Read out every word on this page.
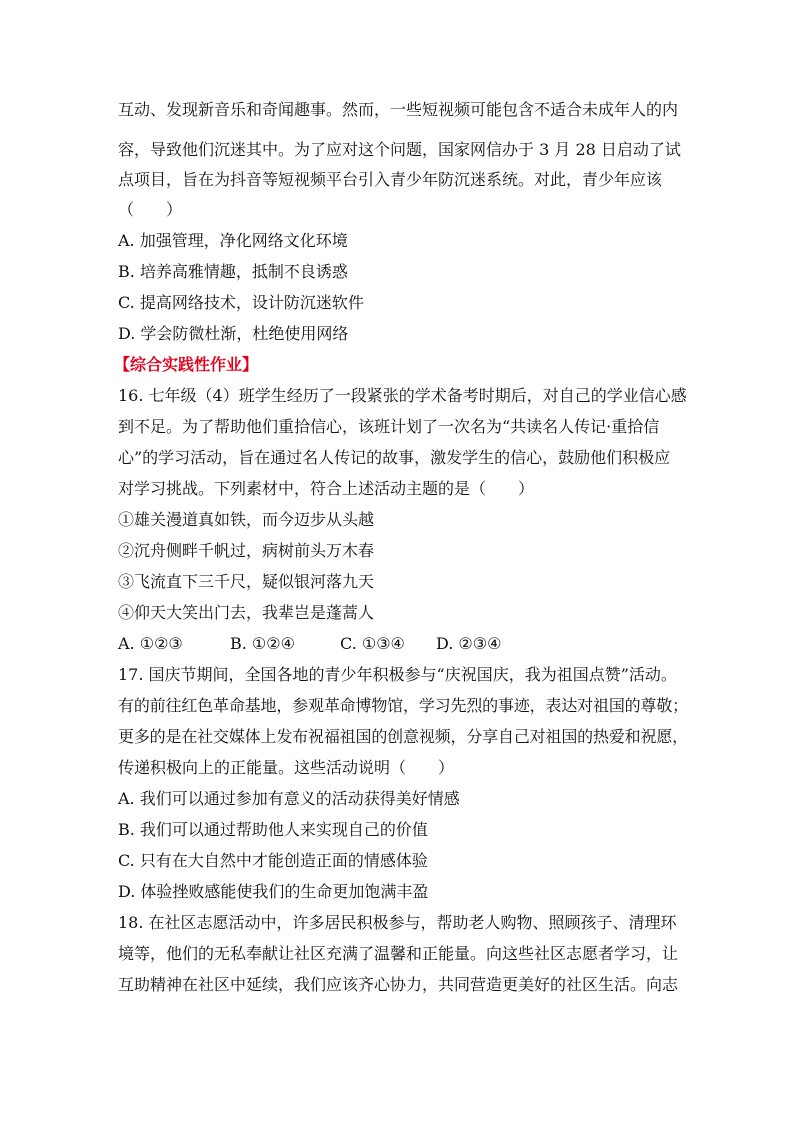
互动、发现新音乐和奇闻趣事。然而，一些短视频可能包含不适合未成年人的内
容，导致他们沉迷其中。为了应对这个问题，国家网信办于 3 月 28 日启动了试
点项目，旨在为抖音等短视频平台引入青少年防沉迷系统。对此，青少年应该
（　　）
A. 加强管理，净化网络文化环境
B. 培养高雅情趣，抵制不良诱惑
C. 提高网络技术，设计防沉迷软件
D. 学会防微杜渐，杜绝使用网络
【综合实践性作业】
16. 七年级（4）班学生经历了一段紧张的学术备考时期后，对自己的学业信心感
到不足。为了帮助他们重拾信心，该班计划了一次名为“共读名人传记·重拾信
心”的学习活动，旨在通过名人传记的故事，激发学生的信心，鼓励他们积极应
对学习挑战。下列素材中，符合上述活动主题的是（　　）
①雄关漫道真如铁，而今迈步从头越
②沉舟侧畔千帆过，病树前头万木春
③飞流直下三千尺，疑似银河落九天
④仰天大笑出门去，我辈岂是蓬蒿人
A. ①②③	B. ①②④	C. ①③④ D. ②③④
17. 国庆节期间，全国各地的青少年积极参与“庆祝国庆，我为祖国点赞”活动。
有的前往红色革命基地，参观革命博物馆，学习先烈的事迹，表达对祖国的尊敬；
更多的是在社交媒体上发布祝福祖国的创意视频，分享自己对祖国的热爱和祝愿，
传递积极向上的正能量。这些活动说明（　　）
A. 我们可以通过参加有意义的活动获得美好情感
B. 我们可以通过帮助他人来实现自己的价值
C. 只有在大自然中才能创造正面的情感体验
D. 体验挫败感能使我们的生命更加饱满丰盈
18. 在社区志愿活动中，许多居民积极参与，帮助老人购物、照顾孩子、清理环
境等，他们的无私奉献让社区充满了温馨和正能量。向这些社区志愿者学习，让
互助精神在社区中延续，我们应该齐心协力，共同营造更美好的社区生活。向志
